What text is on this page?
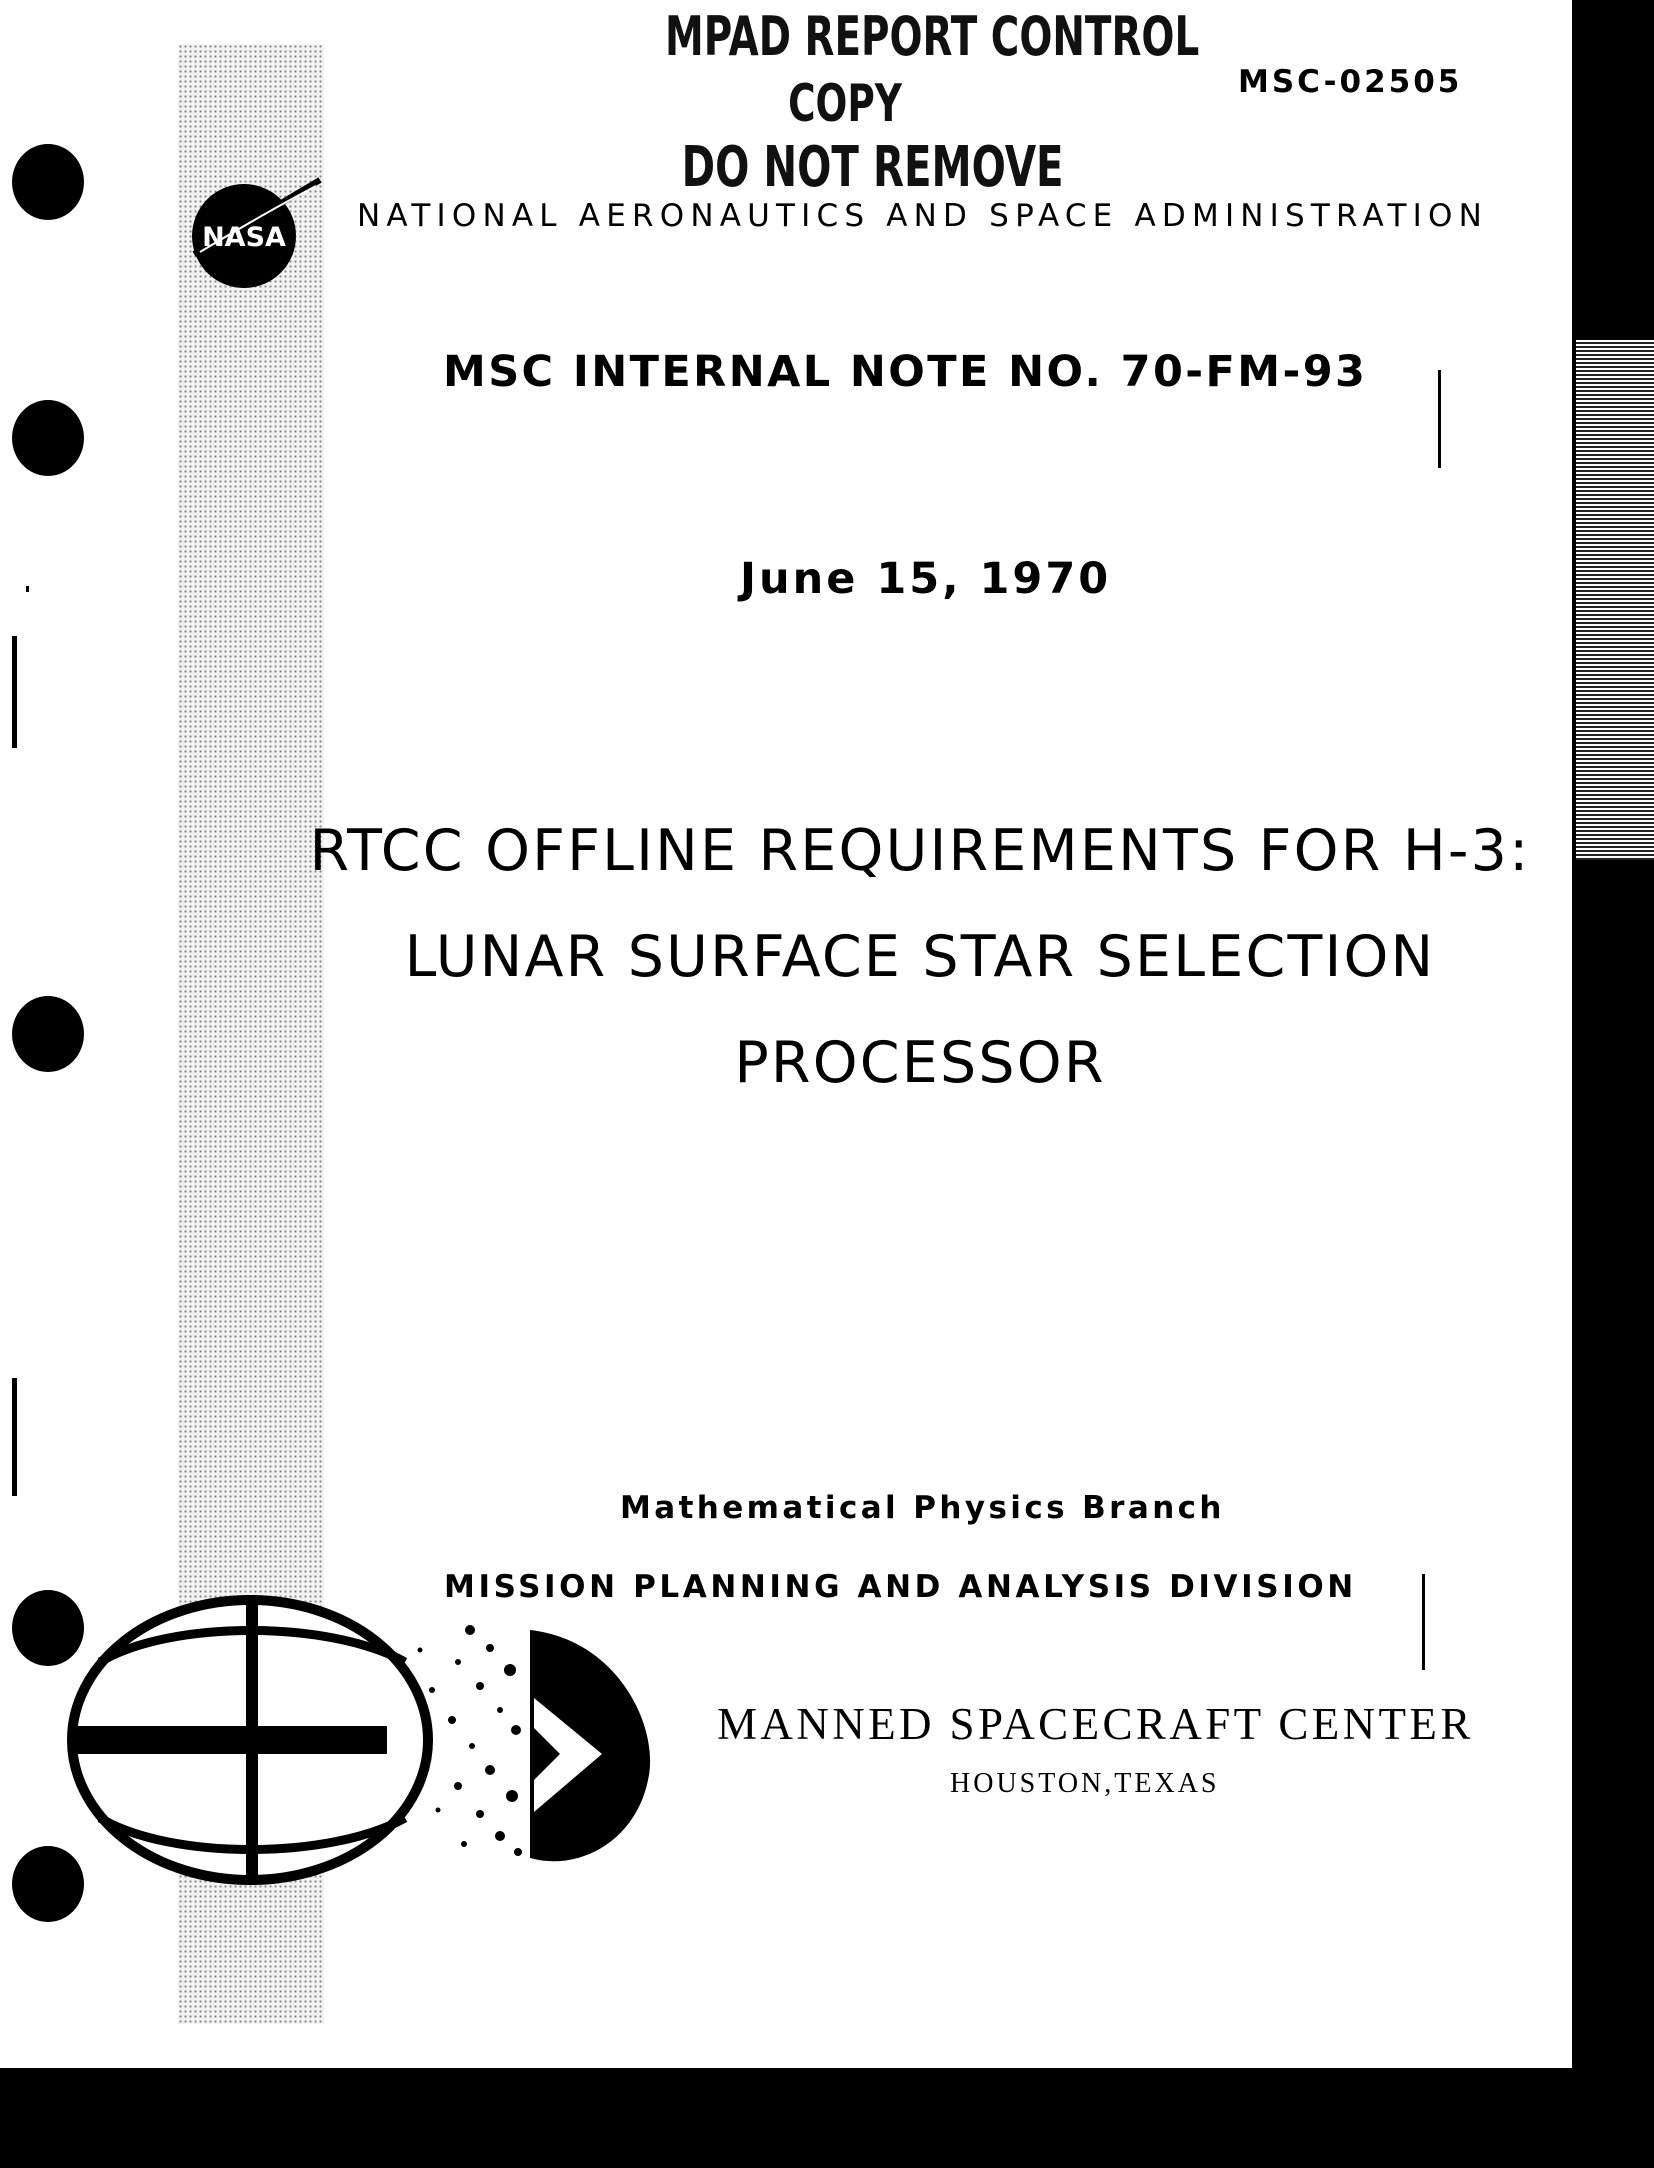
MPAD REPORT CONTROL
COPY
DO NOT REMOVE
MSC-02505
NASA
NATIONAL AERONAUTICS AND SPACE ADMINISTRATION
MSC INTERNAL NOTE NO. 70-FM-93
June 15, 1970
RTCC OFFLINE REQUIREMENTS FOR H-3:
LUNAR SURFACE STAR SELECTION
PROCESSOR
Mathematical Physics Branch
MISSION PLANNING AND ANALYSIS DIVISION
MANNED SPACECRAFT CENTER
HOUSTON,TEXAS
